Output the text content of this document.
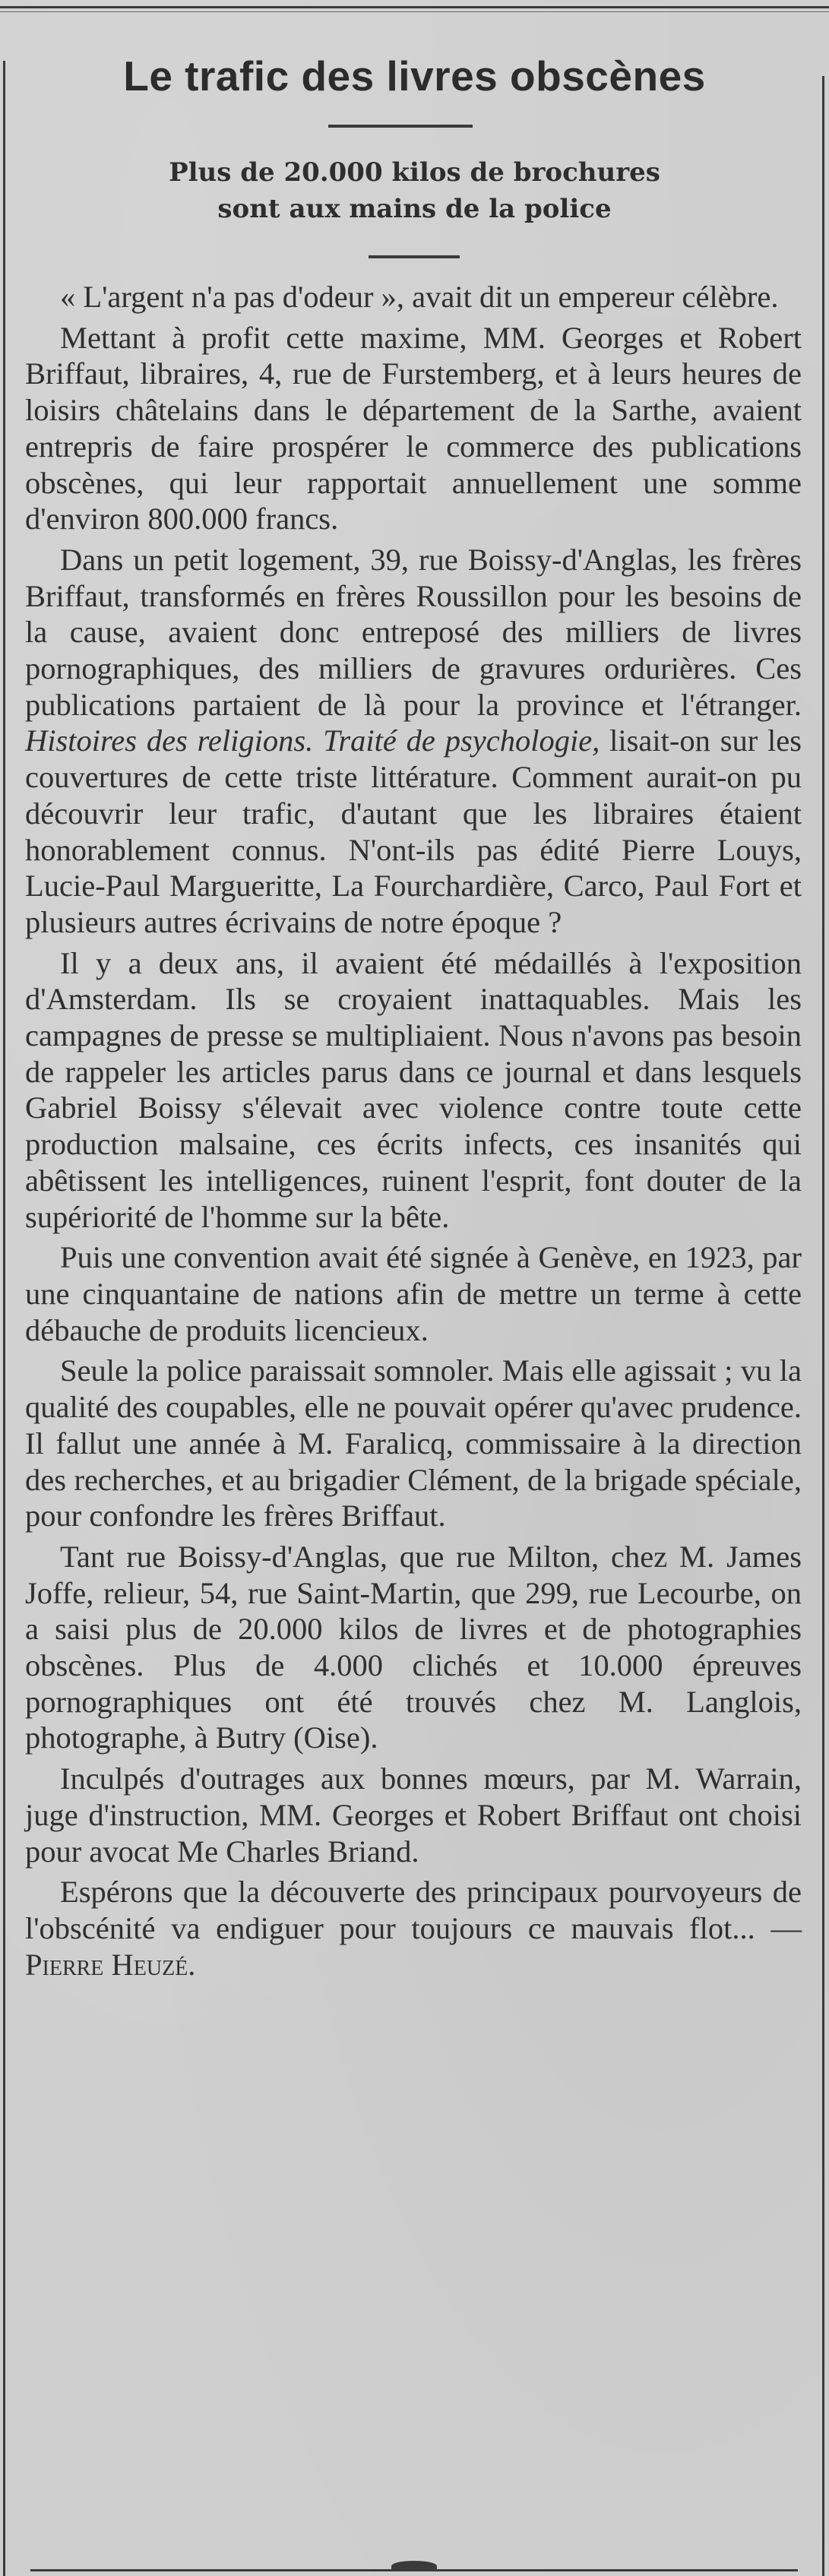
Le trafic des livres obscènes
Plus de 20.000 kilos de brochures
sont aux mains de la police

« L'argent n'a pas d'odeur », avait dit un empereur célèbre.

Mettant à profit cette maxime, MM. Georges et Robert Briffaut, libraires, 4, rue de Furstemberg, et à leurs heures de loisirs châtelains dans le département de la Sarthe, avaient entrepris de faire prospérer le commerce des publications obscènes, qui leur rapportait annuellement une somme d'environ 800.000 francs.

Dans un petit logement, 39, rue Boissy-d'Anglas, les frères Briffaut, transformés en frères Roussillon pour les besoins de la cause, avaient donc entreposé des milliers de livres pornographiques, des milliers de gravures ordurières. Ces publications partaient de là pour la province et l'étranger. Histoires des religions. Traité de psychologie, lisait-on sur les couvertures de cette triste littérature. Comment aurait-on pu découvrir leur trafic, d'autant que les libraires étaient honorablement connus. N'ont-ils pas édité Pierre Louys, Lucie-Paul Margueritte, La Fourchardière, Carco, Paul Fort et plusieurs autres écrivains de notre époque ?

Il y a deux ans, il avaient été médaillés à l'exposition d'Amsterdam. Ils se croyaient inattaquables. Mais les campagnes de presse se multipliaient. Nous n'avons pas besoin de rappeler les articles parus dans ce journal et dans lesquels Gabriel Boissy s'élevait avec violence contre toute cette production malsaine, ces écrits infects, ces insanités qui abêtissent les intelligences, ruinent l'esprit, font douter de la supériorité de l'homme sur la bête.

Puis une convention avait été signée à Genève, en 1923, par une cinquantaine de nations afin de mettre un terme à cette débauche de produits licencieux.

Seule la police paraissait somnoler. Mais elle agissait ; vu la qualité des coupables, elle ne pouvait opérer qu'avec prudence. Il fallut une année à M. Faralicq, commissaire à la direction des recherches, et au brigadier Clément, de la brigade spéciale, pour confondre les frères Briffaut.

Tant rue Boissy-d'Anglas, que rue Milton, chez M. James Joffe, relieur, 54, rue Saint-Martin, que 299, rue Lecourbe, on a saisi plus de 20.000 kilos de livres et de photographies obscènes. Plus de 4.000 clichés et 10.000 épreuves pornographiques ont été trouvés chez M. Langlois, photographe, à Butry (Oise).

Inculpés d'outrages aux bonnes mœurs, par M. Warrain, juge d'instruction, MM. Georges et Robert Briffaut ont choisi pour avocat Me Charles Briand.

Espérons que la découverte des principaux pourvoyeurs de l'obscénité va endiguer pour toujours ce mauvais flot... — Pierre Heuzé.
